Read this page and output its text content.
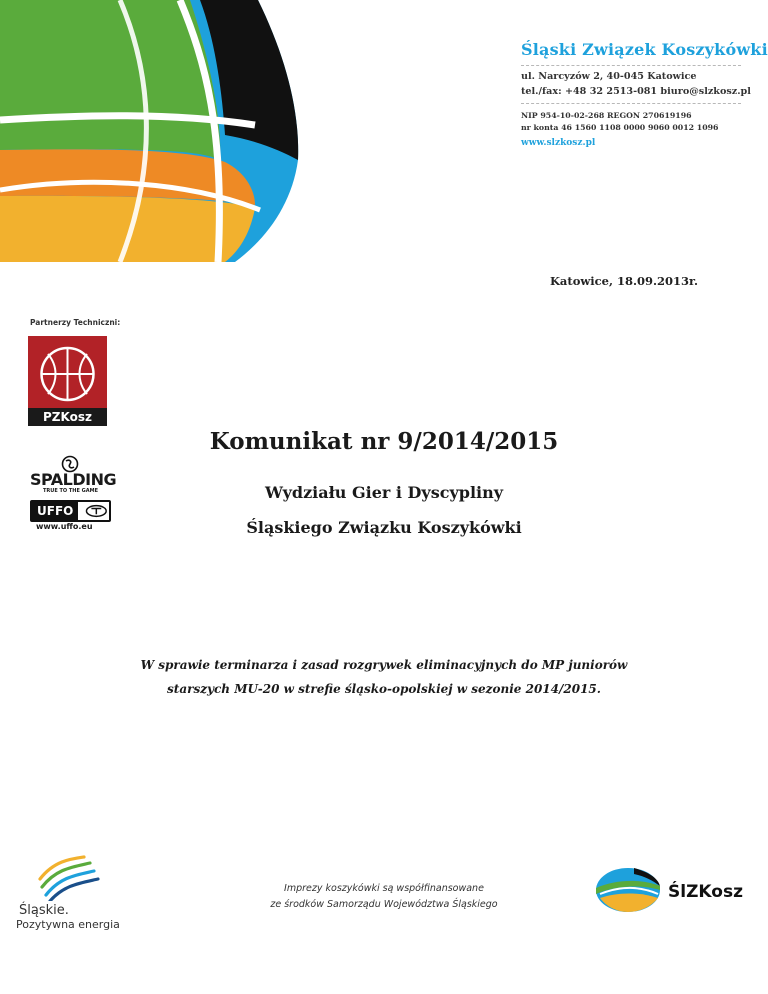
Śląski Związek Koszykówki
ul. Narcyzów 2, 40-045 Katowice
tel./fax: +48 32 2513-081 biuro@slzkosz.pl
NIP 954-10-02-268 REGON 270619196
nr konta 46 1560 1108 0000 9060 0012 1096
www.slzkosz.pl
Katowice, 18.09.2013r.
Partnerzy Techniczni:
PZKosz
SPALDING
TRUE TO THE GAME
UFFO
www.uffo.eu
Komunikat nr 9/2014/2015
Wydziału Gier i Dyscypliny
Śląskiego Związku Koszykówki
W sprawie terminarza i zasad rozgrywek eliminacyjnych do MP juniorów
starszych MU-20 w strefie śląsko-opolskiej w sezonie 2014/2015.
Śląskie.
Pozytywna energia
Imprezy koszykówki są współfinansowane
ze środków Samorządu Województwa Śląskiego
ŚlZKosz
